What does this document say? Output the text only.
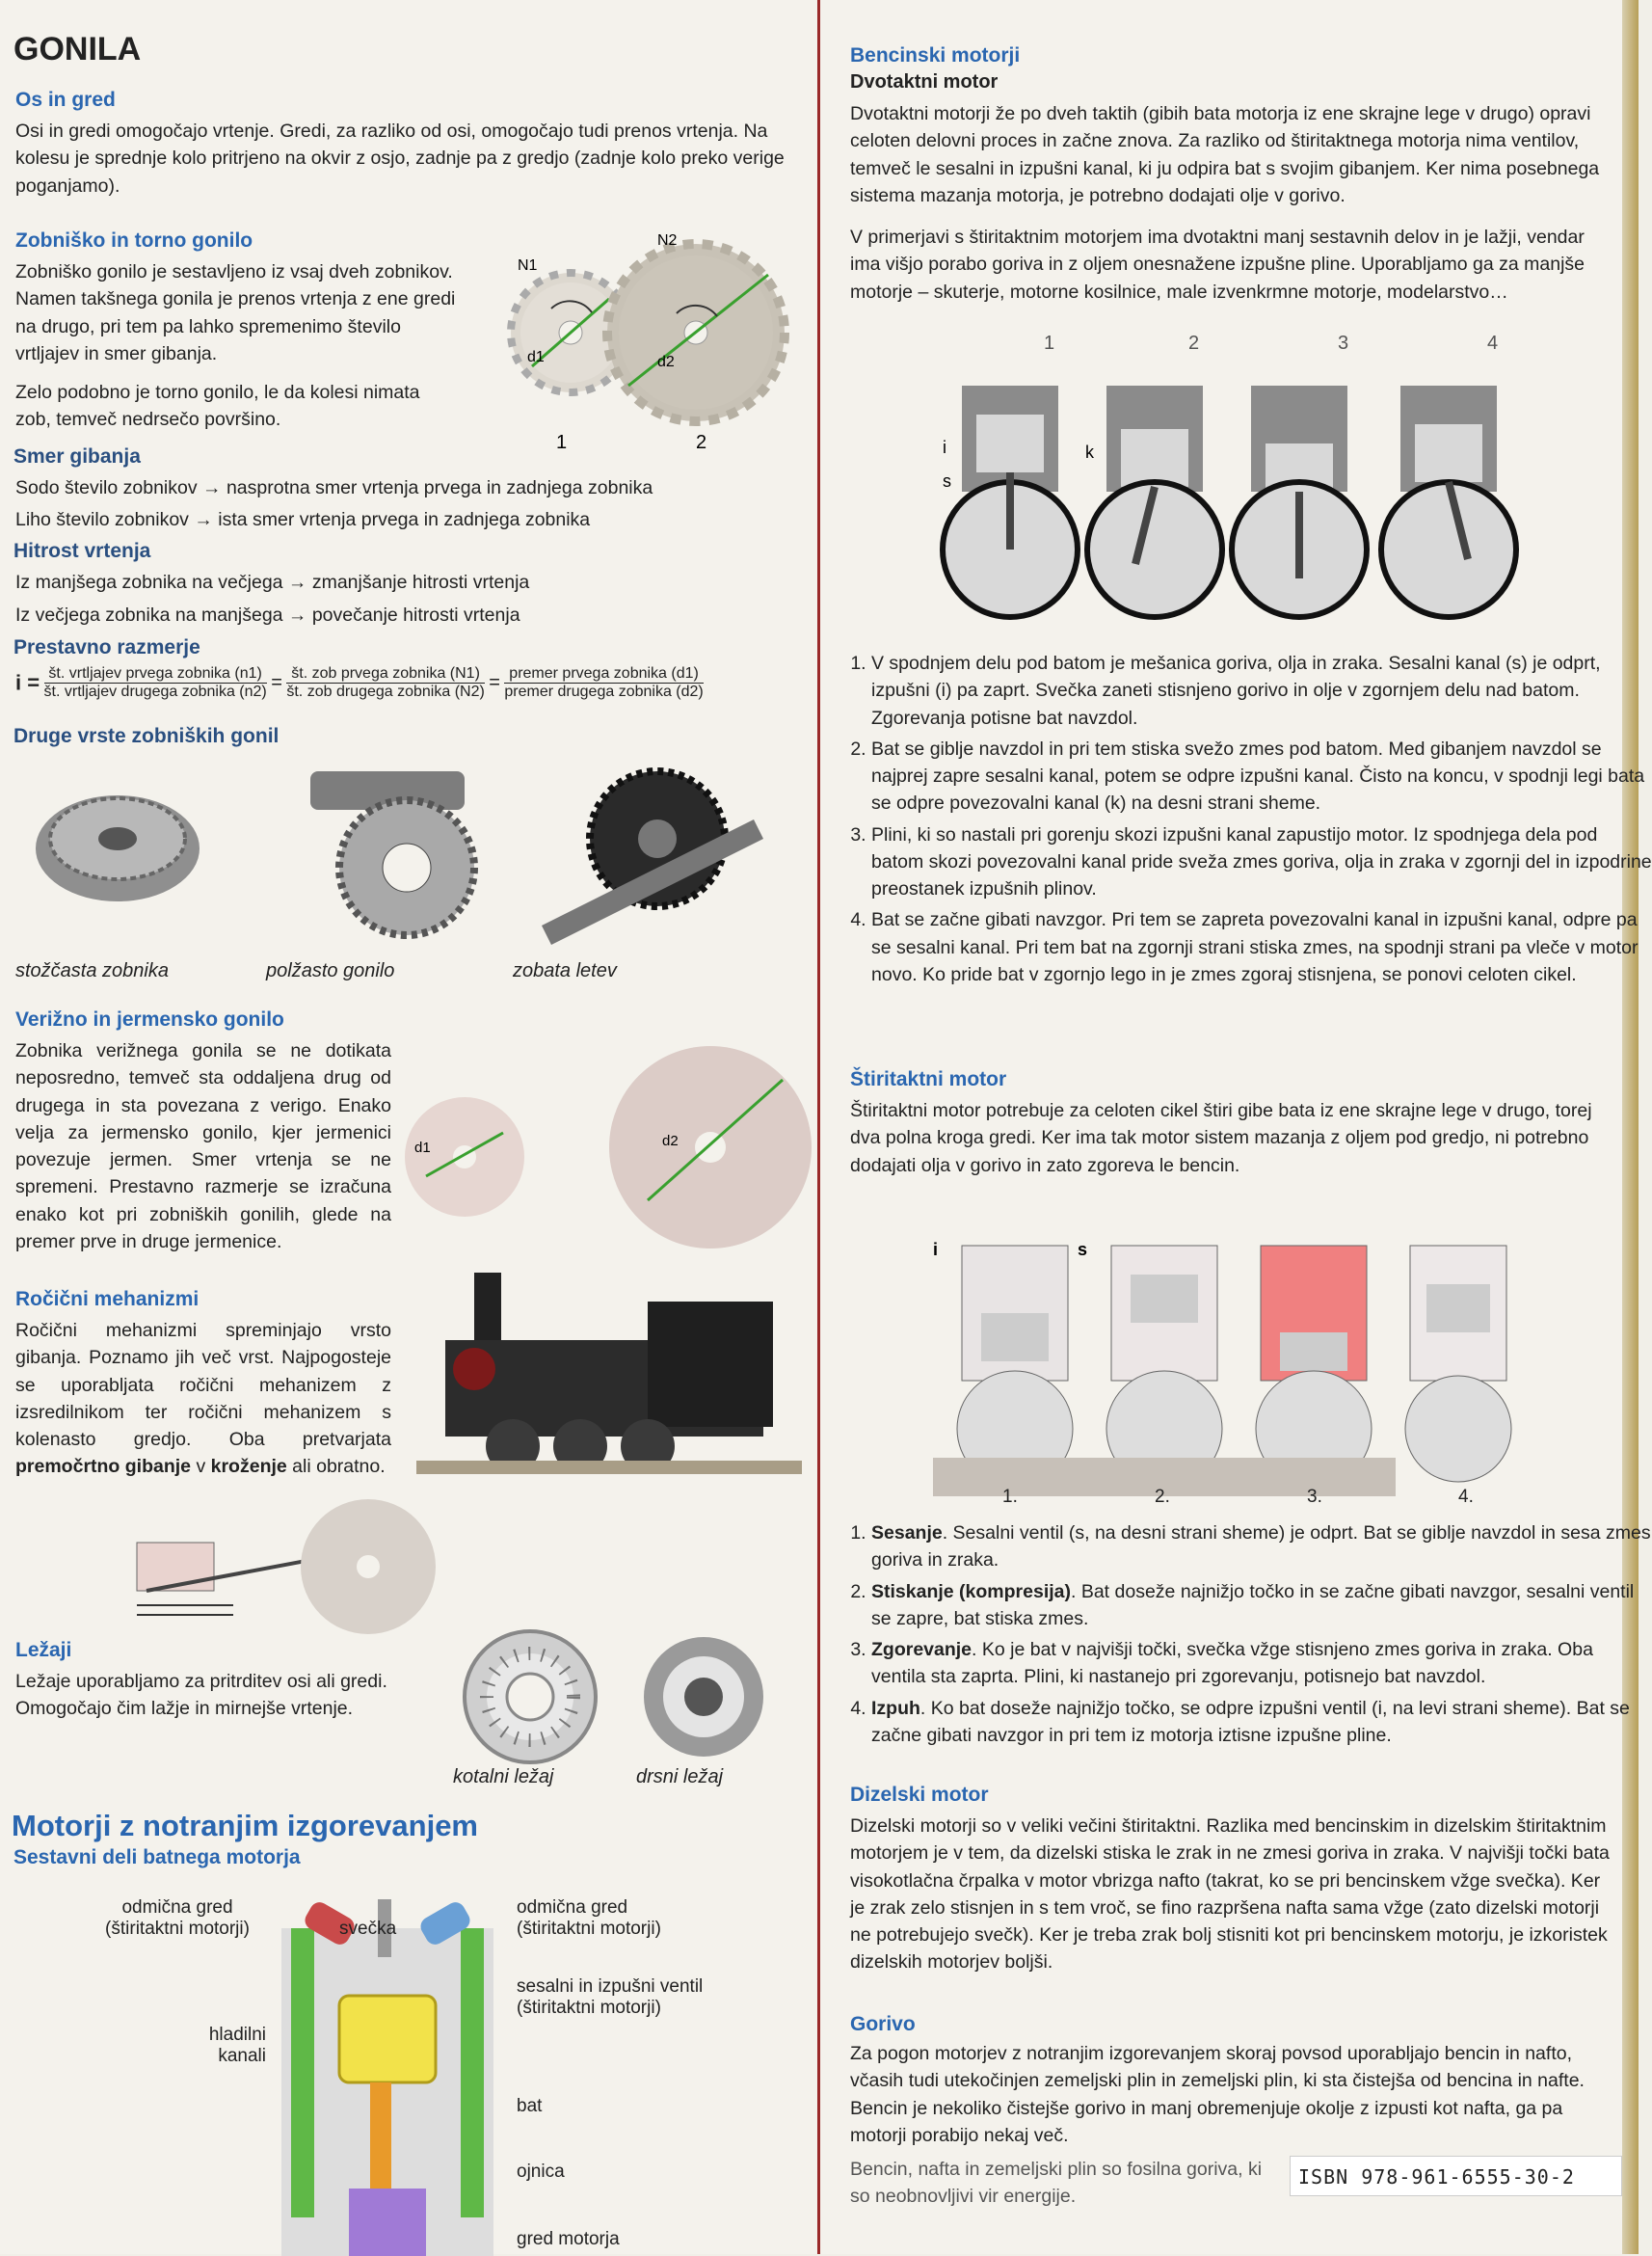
GONILA
Os in gred

Osi in gredi omogočajo vrtenje. Gredi, za razliko od osi, omogočajo tudi prenos vrtenja. Na kolesu je sprednje kolo pritrjeno na okvir z osjo, zadnje pa z gredjo (zadnje kolo preko verige poganjamo).

Zobniško in torno gonilo

Zobniško gonilo je sestavljeno iz vsaj dveh zobnikov. Namen takšnega gonila je prenos vrtenja z ene gredi na drugo, pri tem pa lahko spremenimo število vrtljajev in smer gibanja.

Zelo podobno je torno gonilo, le da kolesi nimata zob, temveč nedrsečo površino.

N1
N2
d1	d2
1	2
Smer gibanja

Sodo število zobnikov → nasprotna smer vrtenja prvega in zadnjega zobnika

Liho število zobnikov → ista smer vrtenja prvega in zadnjega zobnika

Hitrost vrtenja

Iz manjšega zobnika na večjega → zmanjšanje hitrosti vrtenja

Iz večjega zobnika na manjšega → povečanje hitrosti vrtenja

Prestavno razmerje
$i = \frac{\text{št. vrtljajev prvega zobnika (n1)}}{\text{št. vrtljajev drugega zobnika (n2)}} = \frac{\text{št. zob prvega zobnika (N1)}}{\text{št. zob drugega zobnika (N2)}} = \frac{\text{premer prvega zobnika (d1)}}{\text{premer drugega zobnika (d2)}}$
Druge vrste zobniških gonil
stožčasta zobnika	polžasto gonilo	zobata letev
Verižno in jermensko gonilo

Zobnika verižnega gonila se ne dotikata neposredno, temveč sta oddaljena drug od drugega in sta povezana z verigo. Enako velja za jermensko gonilo, kjer jermenici povezuje jermen. Smer vrtenja se ne spremeni. Prestavno razmerje se izračuna enako kot pri zobniških gonilih, glede na premer prve in druge jermenice.

d1	d2
Ročični mehanizmi

Ročični mehanizmi spreminjajo vrsto gibanja. Poznamo jih več vrst. Najpogosteje se uporabljata ročični mehanizem z izsredilnikom ter ročični mehanizem s kolenasto gredjo. Oba pretvarjata premočrtno gibanje v kroženje ali obratno.

Ležaji

Ležaje uporabljamo za pritrditev osi ali gredi. Omogočajo čim lažje in mirnejše vrtenje.

kotalni ležaj	drsni ležaj
Motorji z notranjim izgorevanjem
Sestavni deli batnega motorja
odmična gred (štiritaktni motorji)	svečka
odmična gred (štiritaktni motorji)
sesalni in izpušni ventil (štiritaktni motorji)
hladilni kanali
bat
ojnica
gred motorja
Bencinski motorji
Dvotaktni motor

Dvotaktni motorji že po dveh taktih (gibih bata motorja iz ene skrajne lege v drugo) opravi celoten delovni proces in začne znova. Za razliko od štiritaktnega motorja nima ventilov, temveč le sesalni in izpušni kanal, ki ju odpira bat s svojim gibanjem. Ker nima posebnega sistema mazanja motorja, je potrebno dodajati olje v gorivo.

V primerjavi s štiritaktnim motorjem ima dvotaktni manj sestavnih delov in je lažji, vendar ima višjo porabo goriva in z oljem onesnažene izpušne pline. Uporabljamo ga za manjše motorje – skuterje, motorne kosilnice, male izvenkrmne motorje, modelarstvo…

1	2	3	4
i
s
k
1. V spodnjem delu pod batom je mešanica goriva, olja in zraka. Sesalni kanal (s) je odprt, izpušni (i) pa zaprt. Svečka zaneti stisnjeno gorivo in olje v zgornjem delu nad batom. Zgorevanja potisne bat navzdol.
2. Bat se giblje navzdol in pri tem stiska svežo zmes pod batom. Med gibanjem navzdol se najprej zapre sesalni kanal, potem se odpre izpušni kanal. Čisto na koncu, v spodnji legi bata se odpre povezovalni kanal (k) na desni strani sheme.
3. Plini, ki so nastali pri gorenju skozi izpušni kanal zapustijo motor. Iz spodnjega dela pod batom skozi povezovalni kanal pride sveža zmes goriva, olja in zraka v zgornji del in izpodrine preostanek izpušnih plinov.
4. Bat se začne gibati navzgor. Pri tem se zapreta povezovalni kanal in izpušni kanal, odpre pa se sesalni kanal. Pri tem bat na zgornji strani stiska zmes, na spodnji strani pa vleče v motor novo. Ko pride bat v zgornjo lego in je zmes zgoraj stisnjena, se ponovi celoten cikel.
Štiritaktni motor

Štiritaktni motor potrebuje za celoten cikel štiri gibe bata iz ene skrajne lege v drugo, torej dva polna kroga gredi. Ker ima tak motor sistem mazanja z oljem pod gredjo, ni potrebno dodajati olja v gorivo in zato zgoreva le bencin.

i	s
1.	2.	3.	4.
1. Sesanje. Sesalni ventil (s, na desni strani sheme) je odprt. Bat se giblje navzdol in sesa zmes goriva in zraka.
2. Stiskanje (kompresija). Bat doseže najnižjo točko in se začne gibati navzgor, sesalni ventil se zapre, bat stiska zmes.
3. Zgorevanje. Ko je bat v najvišji točki, svečka vžge stisnjeno zmes goriva in zraka. Oba ventila sta zaprta. Plini, ki nastanejo pri zgorevanju, potisnejo bat navzdol.
4. Izpuh. Ko bat doseže najnižjo točko, se odpre izpušni ventil (i, na levi strani sheme). Bat se začne gibati navzgor in pri tem iz motorja iztisne izpušne pline.
Dizelski motor

Dizelski motorji so v veliki večini štiritaktni. Razlika med bencinskim in dizelskim štiritaktnim motorjem je v tem, da dizelski stiska le zrak in ne zmesi goriva in zraka. V najvišji točki bata visokotlačna črpalka v motor vbrizga nafto (takrat, ko se pri bencinskem vžge svečka). Ker je zrak zelo stisnjen in s tem vroč, se fino razpršena nafta sama vžge (zato dizelski motorji ne potrebujejo svečk). Ker je treba zrak bolj stisniti kot pri bencinskem motorju, je izkoristek dizelskih motorjev boljši.

Gorivo

Za pogon motorjev z notranjim izgorevanjem skoraj povsod uporabljajo bencin in nafto, včasih tudi utekočinjen zemeljski plin in zemeljski plin, ki sta čistejša od bencina in nafte. Bencin je nekoliko čistejše gorivo in manj obremenjuje okolje z izpusti kot nafta, ga pa motorji porabijo nekaj več.

Bencin, nafta in zemeljski plin so fosilna goriva, ki so neobnovljivi vir energije.

ISBN 978-961-6555-30-2
